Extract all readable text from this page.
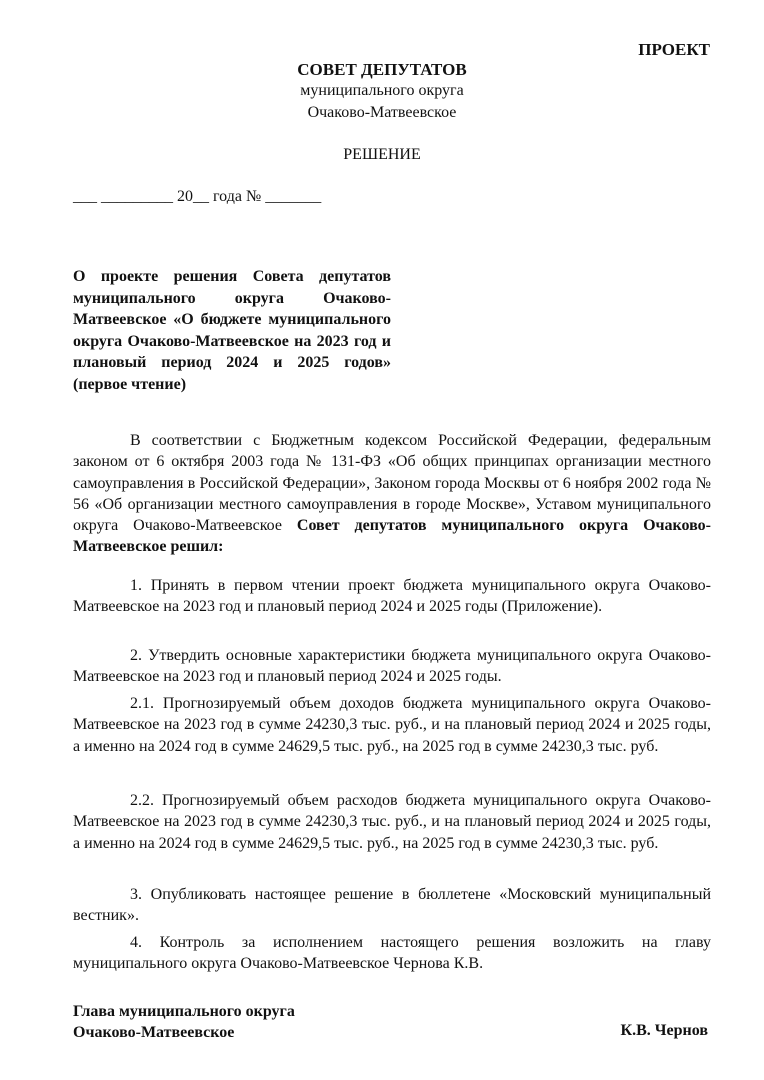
ПРОЕКТ
СОВЕТ ДЕПУТАТОВ
муниципального округа
Очаково-Матвеевское
РЕШЕНИЕ
___ _________ 20__ года № _______
О проекте решения Совета депутатов муниципального округа Очаково-Матвеевское «О бюджете муниципального округа Очаково-Матвеевское на 2023 год и плановый период 2024 и 2025 годов» (первое чтение)

В соответствии с Бюджетным кодексом Российской Федерации, федеральным законом от 6 октября 2003 года № 131-ФЗ «Об общих принципах организации местного самоуправления в Российской Федерации», Законом города Москвы от 6 ноября 2002 года № 56 «Об организации местного самоуправления в городе Москве», Уставом муниципального округа Очаково-Матвеевское Совет депутатов муниципального округа Очаково-Матвеевское решил:

1. Принять в первом чтении проект бюджета муниципального округа Очаково-Матвеевское на 2023 год и плановый период 2024 и 2025 годы (Приложение).

2. Утвердить основные характеристики бюджета муниципального округа Очаково-Матвеевское на 2023 год и плановый период 2024 и 2025 годы.

2.1. Прогнозируемый объем доходов бюджета муниципального округа Очаково-Матвеевское на 2023 год в сумме 24230,3 тыс. руб., и на плановый период 2024 и 2025 годы, а именно на 2024 год в сумме 24629,5 тыс. руб., на 2025 год в сумме 24230,3 тыс. руб.

2.2. Прогнозируемый объем расходов бюджета муниципального округа Очаково-Матвеевское на 2023 год в сумме 24230,3 тыс. руб., и на плановый период 2024 и 2025 годы, а именно на 2024 год в сумме 24629,5 тыс. руб., на 2025 год в сумме 24230,3 тыс. руб.

3. Опубликовать настоящее решение в бюллетене «Московский муниципальный вестник».

4. Контроль за исполнением настоящего решения возложить на главу муниципального округа Очаково-Матвеевское Чернова К.В.

Глава муниципального округа
Очаково-Матвеевское	К.В. Чернов
